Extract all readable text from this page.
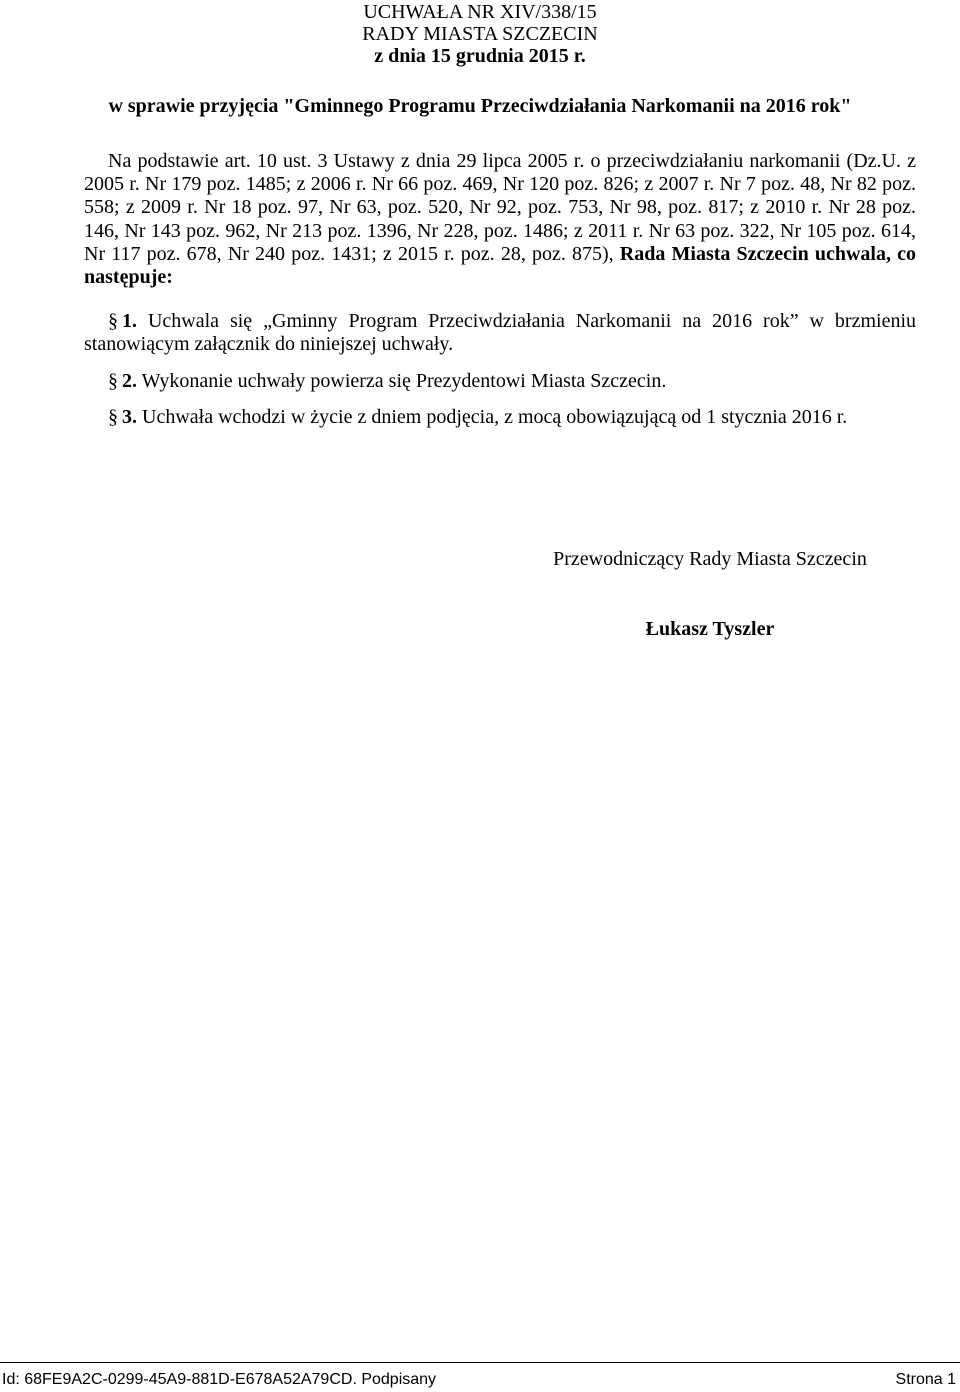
UCHWAŁA NR XIV/338/15
RADY MIASTA SZCZECIN
z dnia 15 grudnia 2015 r.
w sprawie przyjęcia "Gminnego Programu Przeciwdziałania Narkomanii na 2016 rok"

Na podstawie art. 10 ust. 3 Ustawy z dnia 29 lipca 2005 r. o przeciwdziałaniu narkomanii (Dz.U. z 2005 r. Nr 179 poz. 1485; z 2006 r. Nr 66 poz. 469, Nr 120 poz. 826; z 2007 r. Nr 7 poz. 48, Nr 82 poz. 558; z 2009 r. Nr 18 poz. 97, Nr 63, poz. 520, Nr 92, poz. 753, Nr 98, poz. 817; z 2010 r. Nr 28 poz. 146, Nr 143 poz. 962, Nr 213 poz. 1396, Nr 228, poz. 1486; z 2011 r. Nr 63 poz. 322, Nr 105 poz. 614, Nr 117 poz. 678, Nr 240 poz. 1431; z 2015 r. poz. 28, poz. 875), Rada Miasta Szczecin uchwala, co następuje:

§ 1. Uchwala się „Gminny Program Przeciwdziałania Narkomanii na 2016 rok” w brzmieniu stanowiącym załącznik do niniejszej uchwały.

§ 2. Wykonanie uchwały powierza się Prezydentowi Miasta Szczecin.

§ 3. Uchwała wchodzi w życie z dniem podjęcia, z mocą obowiązującą od 1 stycznia 2016 r.

Przewodniczący Rady Miasta Szczecin
Łukasz Tyszler
Id: 68FE9A2C-0299-45A9-881D-E678A52A79CD. Podpisany	Strona 1
